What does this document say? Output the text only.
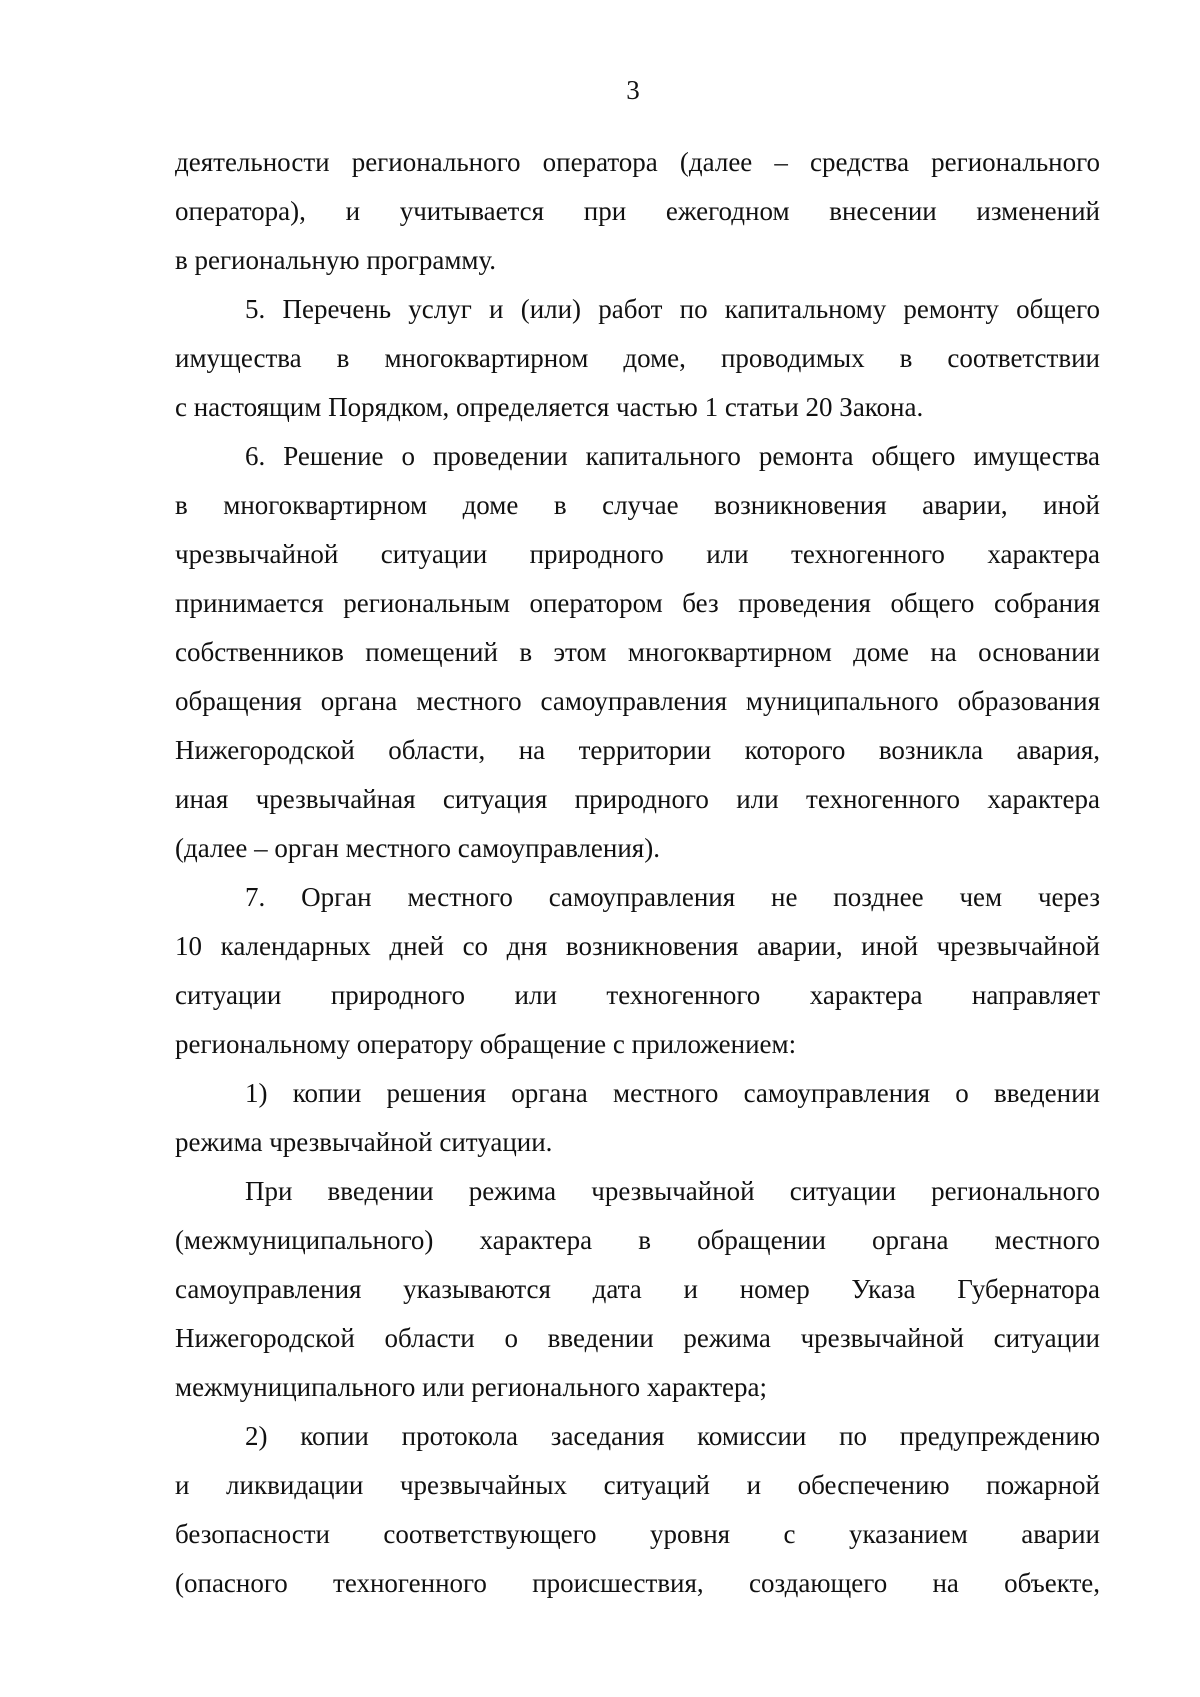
3
деятельности регионального оператора (далее – средства регионального
оператора), и учитывается при ежегодном внесении изменений
в региональную программу.
5. Перечень услуг и (или) работ по капитальному ремонту общего
имущества в многоквартирном доме, проводимых в соответствии
с настоящим Порядком, определяется частью 1 статьи 20 Закона.
6. Решение о проведении капитального ремонта общего имущества
в многоквартирном доме в случае возникновения аварии, иной
чрезвычайной ситуации природного или техногенного характера
принимается региональным оператором без проведения общего собрания
собственников помещений в этом многоквартирном доме на основании
обращения органа местного самоуправления муниципального образования
Нижегородской области, на территории которого возникла авария,
иная чрезвычайная ситуация природного или техногенного характера
(далее – орган местного самоуправления).
7. Орган местного самоуправления не позднее чем через
10 календарных дней со дня возникновения аварии, иной чрезвычайной
ситуации природного или техногенного характера направляет
региональному оператору обращение с приложением:
1) копии решения органа местного самоуправления о введении
режима чрезвычайной ситуации.
При введении режима чрезвычайной ситуации регионального
(межмуниципального) характера в обращении органа местного
самоуправления указываются дата и номер Указа Губернатора
Нижегородской области о введении режима чрезвычайной ситуации
межмуниципального или регионального характера;
2) копии протокола заседания комиссии по предупреждению
и ликвидации чрезвычайных ситуаций и обеспечению пожарной
безопасности соответствующего уровня с указанием аварии
(опасного техногенного происшествия, создающего на объекте,
